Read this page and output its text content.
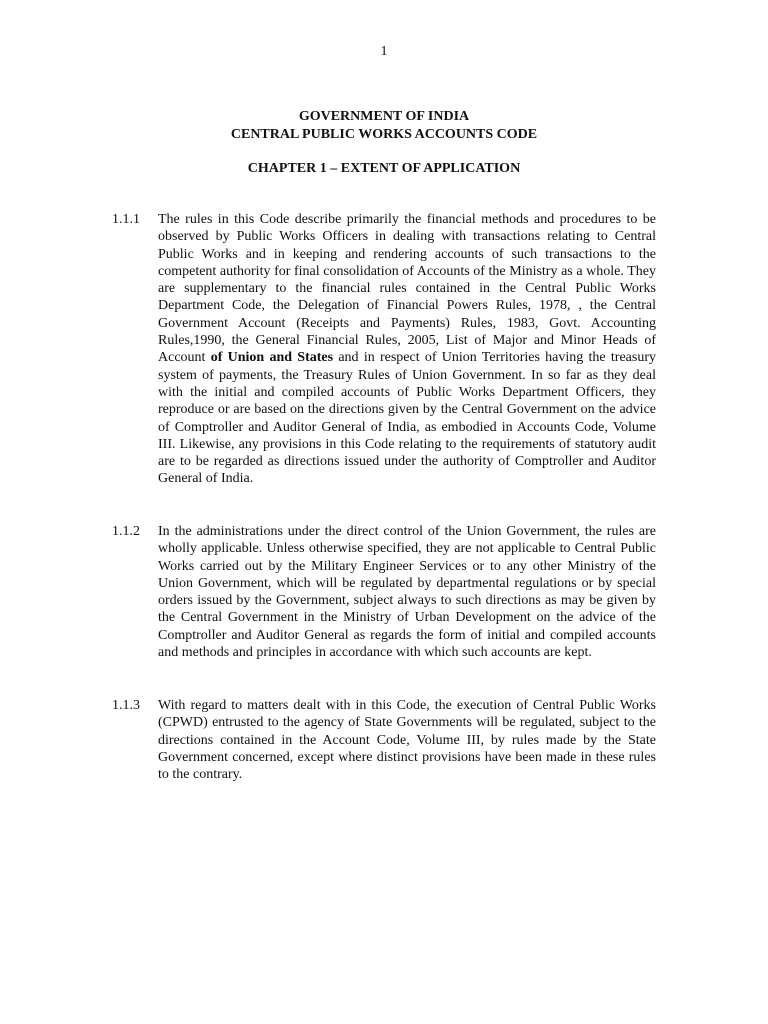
1
GOVERNMENT OF INDIA
CENTRAL PUBLIC WORKS ACCOUNTS CODE
CHAPTER 1 – EXTENT OF APPLICATION
1.1.1 The rules in this Code describe primarily the financial methods and procedures to be observed by Public Works Officers in dealing with transactions relating to Central Public Works and in keeping and rendering accounts of such transactions to the competent authority for final consolidation of Accounts of the Ministry as a whole. They are supplementary to the financial rules contained in the Central Public Works Department Code, the Delegation of Financial Powers Rules, 1978, , the Central Government Account (Receipts and Payments) Rules, 1983, Govt. Accounting Rules,1990, the General Financial Rules, 2005, List of Major and Minor Heads of Account of Union and States and in respect of Union Territories having the treasury system of payments, the Treasury Rules of Union Government. In so far as they deal with the initial and compiled accounts of Public Works Department Officers, they reproduce or are based on the directions given by the Central Government on the advice of Comptroller and Auditor General of India, as embodied in Accounts Code, Volume III. Likewise, any provisions in this Code relating to the requirements of statutory audit are to be regarded as directions issued under the authority of Comptroller and Auditor General of India.
1.1.2 In the administrations under the direct control of the Union Government, the rules are wholly applicable. Unless otherwise specified, they are not applicable to Central Public Works carried out by the Military Engineer Services or to any other Ministry of the Union Government, which will be regulated by departmental regulations or by special orders issued by the Government, subject always to such directions as may be given by the Central Government in the Ministry of Urban Development on the advice of the Comptroller and Auditor General as regards the form of initial and compiled accounts and methods and principles in accordance with which such accounts are kept.
1.1.3 With regard to matters dealt with in this Code, the execution of Central Public Works (CPWD) entrusted to the agency of State Governments will be regulated, subject to the directions contained in the Account Code, Volume III, by rules made by the State Government concerned, except where distinct provisions have been made in these rules to the contrary.
